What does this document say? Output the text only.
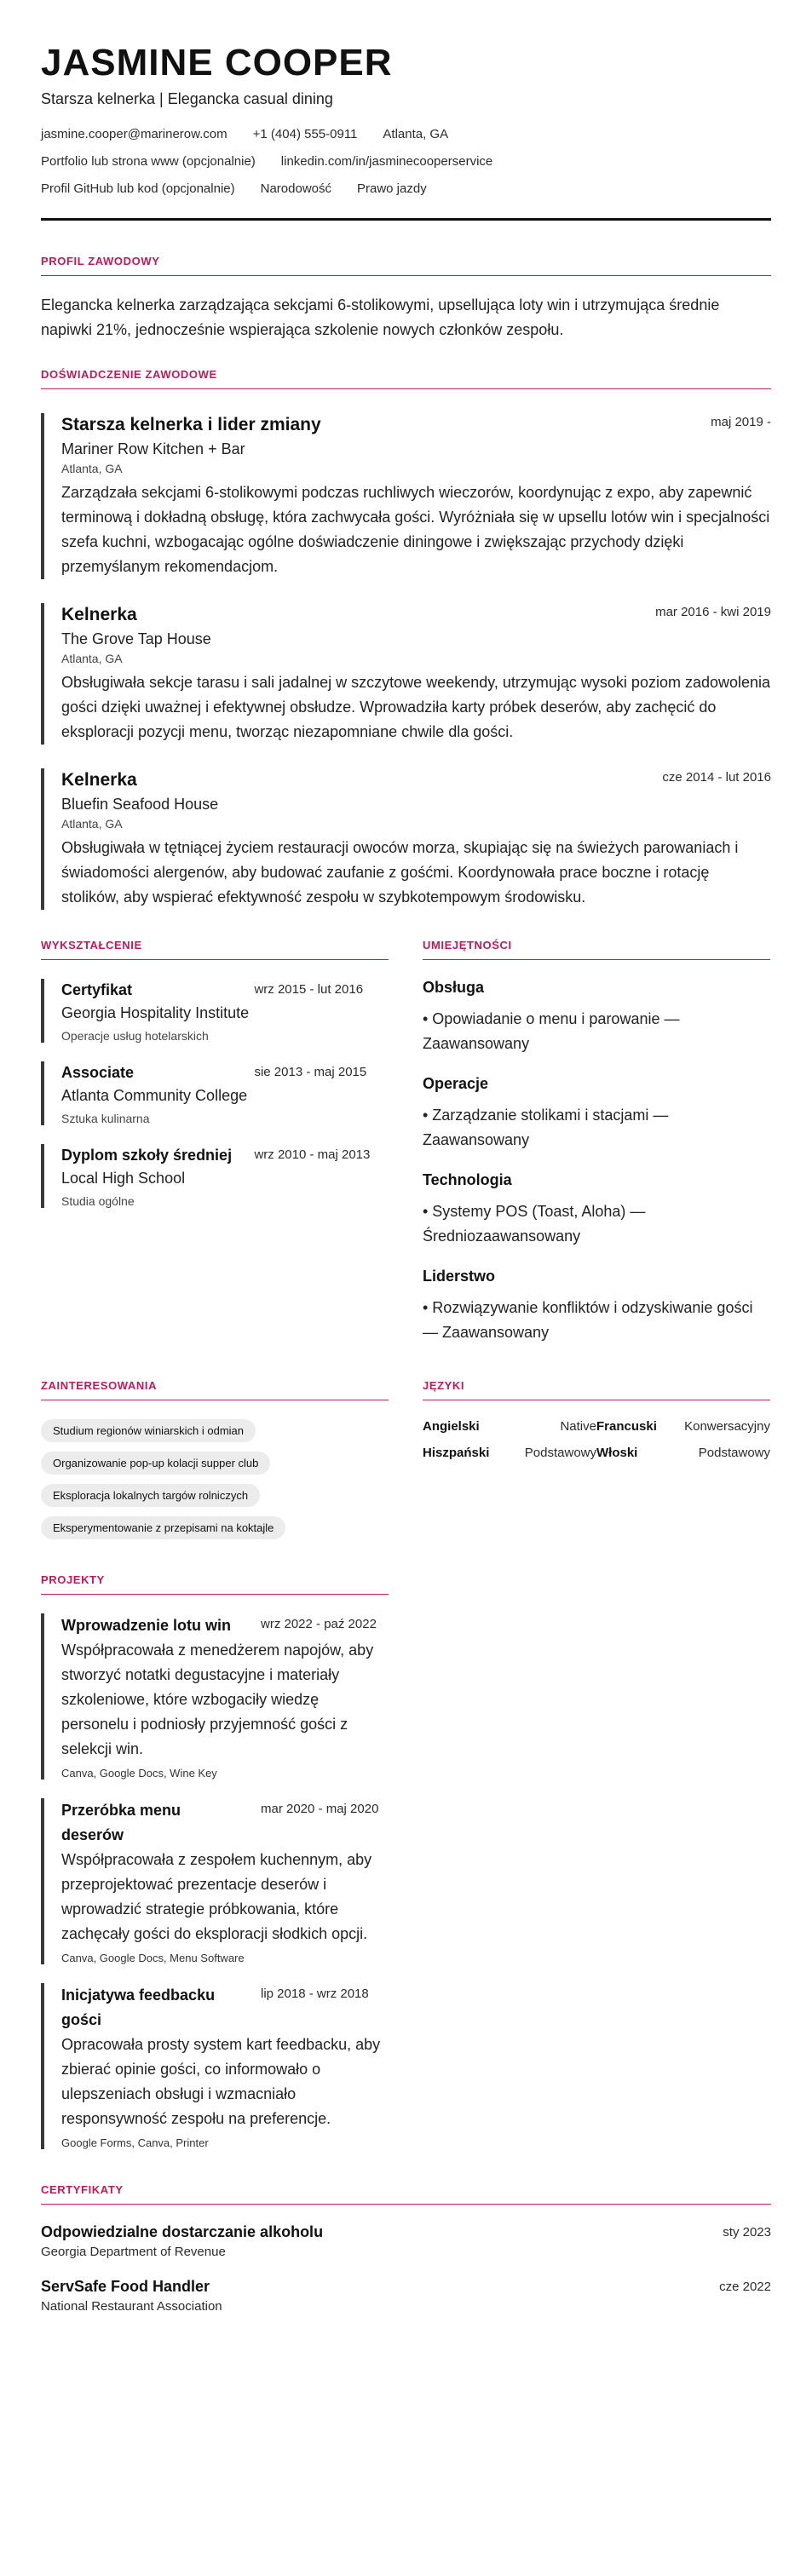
JASMINE COOPER
Starsza kelnerka | Elegancka casual dining
jasmine.cooper@marinerow.com +1 (404) 555-0911 Atlanta, GA
Portfolio lub strona www (opcjonalnie) linkedin.com/in/jasminecooperservice
Profil GitHub lub kod (opcjonalnie) Narodowość Prawo jazdy
PROFIL ZAWODOWY
Elegancka kelnerka zarządzająca sekcjami 6-stolikowymi, upsellująca loty win i utrzymująca średnie napiwki 21%, jednocześnie wspierająca szkolenie nowych członków zespołu.
DOŚWIADCZENIE ZAWODOWE
Starsza kelnerka i lider zmiany	maj 2019 -
Mariner Row Kitchen + Bar
Atlanta, GA
Zarządzała sekcjami 6-stolikowymi podczas ruchliwych wieczorów, koordynując z expo, aby zapewnić terminową i dokładną obsługę, która zachwycała gości. Wyróżniała się w upsellu lotów win i specjalności szefa kuchni, wzbogacając ogólne doświadczenie diningowe i zwiększając przychody dzięki przemyślanym rekomendacjom.
Kelnerka	mar 2016 - kwi 2019
The Grove Tap House
Atlanta, GA
Obsługiwała sekcje tarasu i sali jadalnej w szczytowe weekendy, utrzymując wysoki poziom zadowolenia gości dzięki uważnej i efektywnej obsłudze. Wprowadziła karty próbek deserów, aby zachęcić do eksploracji pozycji menu, tworząc niezapomniane chwile dla gości.
Kelnerka	cze 2014 - lut 2016
Bluefin Seafood House
Atlanta, GA
Obsługiwała w tętniącej życiem restauracji owoców morza, skupiając się na świeżych parowaniach i świadomości alergenów, aby budować zaufanie z gośćmi. Koordynowała prace boczne i rotację stolików, aby wspierać efektywność zespołu w szybkotempowym środowisku.
WYKSZTAŁCENIE
Certyfikat
Georgia Hospitality Institute
Operacje usług hotelarskich
wrz 2015 - lut 2016
Associate
Atlanta Community College
Sztuka kulinarna
sie 2013 - maj 2015
Dyplom szkoły średniej
Local High School
Studia ogólne
wrz 2010 - maj 2013
UMIEJĘTNOŚCI
Obsługa
• Opowiadanie o menu i parowanie — Zaawansowany
Operacje
• Zarządzanie stolikami i stacjami — Zaawansowany
Technologia
• Systemy POS (Toast, Aloha) — Średniozaawansowany
Liderstwo
• Rozwiązywanie konfliktów i odzyskiwanie gości — Zaawansowany
ZAINTERESOWANIA
Studium regionów winiarskich i odmian
Organizowanie pop-up kolacji supper club
Eksploracja lokalnych targów rolniczych
Eksperymentowanie z przepisami na koktajle
JĘZYKI
Angielski	Native Francuski Konwersacyjny
Hiszpański	Podstawowy Włoski	Podstawowy
PROJEKTY
Wprowadzenie lotu win	wrz 2022 - paź 2022
Współpracowała z menedżerem napojów, aby stworzyć notatki degustacyjne i materiały szkoleniowe, które wzbogaciły wiedzę personelu i podniosły przyjemność gości z selekcji win.
Canva, Google Docs, Wine Key
Przeróbka menu deserów
mar 2020 - maj 2020
Współpracowała z zespołem kuchennym, aby przeprojektować prezentacje deserów i wprowadzić strategie próbkowania, które zachęcały gości do eksploracji słodkich opcji.
Canva, Google Docs, Menu Software
Inicjatywa feedbacku gości
lip 2018 - wrz 2018
Opracowała prosty system kart feedbacku, aby zbierać opinie gości, co informowało o ulepszeniach obsługi i wzmacniało responsywność zespołu na preferencje.
Google Forms, Canva, Printer
CERTYFIKATY
Odpowiedzialne dostarczanie alkoholu
Georgia Department of Revenue
sty 2023
ServSafe Food Handler
National Restaurant Association
cze 2022
